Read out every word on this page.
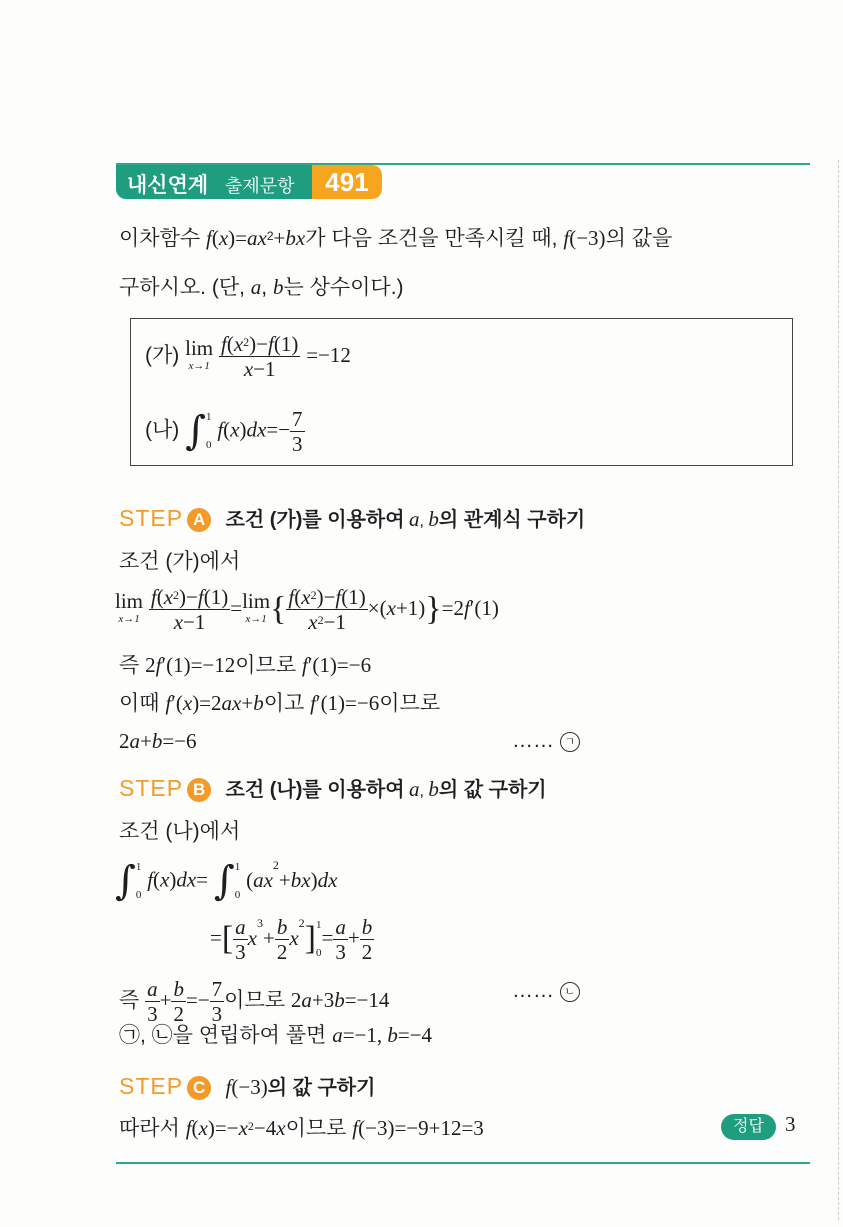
내신연계 출제문항	491
이차함수 $f(x)=ax^2+bx$가 다음 조건을 만족시킬 때, f(−3)의 값을
구하시오. (단, a, b는 상수이다.)
(가) lim
x→1
$\frac{f(x^2)-f(1)}{x-1} =-12$
(나) ∫1
0 $f(x)dx=- \frac{7}{3}$
STEP A 조건 (가)를 이용하여 a, b의 관계식 구하기
조건 (가)에서
lim
x→1
$\frac{f(x^2)-f(1)}{x-1} =\lim$
x→1 { $\frac{f(x^2)-f(1)}{x^2-1} \times(x+1)\}=2f'(1)$
즉 2f′(1)=−12이므로 f′(1)=−6
이때 f′(x)=2ax+b이고 f′(1)=−6이므로
2a+b=−6	…… ㄱ
STEP B 조건 (나)를 이용하여 a, b의 값 구하기
조건 (나)에서
∫1
0 f(x)dx= ∫1
0 $(ax^2+bx)dx$
=[ $\frac{a}{3} x^3+ \frac{b}{2} x^2]1$
$0= \frac{a}{3} + \frac{b}{2}$
즉 $\frac{a}{3} + \frac{b}{2} =- \frac{7}{3}$ 이므로 2a+3b=−14	…… ㄴ
㉠, ㉡을 연립하여 풀면 a=−1, b=−4
STEP C f(−3)의 값 구하기
따라서 $f(x)=-x^2-4x$이므로 f(−3)=−9+12=3	정답	3
